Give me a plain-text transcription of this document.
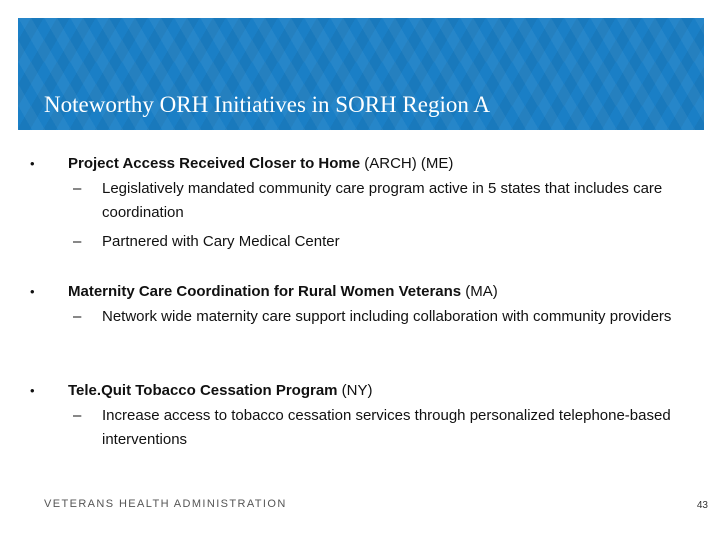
Noteworthy ORH Initiatives in SORH Region A
• Project Access Received Closer to Home (ARCH) (ME)
– Legislatively mandated community care program active in 5 states that includes care coordination
– Partnered with Cary Medical Center
• Maternity Care Coordination for Rural Women Veterans (MA)
– Network wide maternity care support including collaboration with community providers
• Tele.Quit Tobacco Cessation Program (NY)
– Increase access to tobacco cessation services through personalized telephone-based interventions
VETERANS HEALTH ADMINISTRATION	43
